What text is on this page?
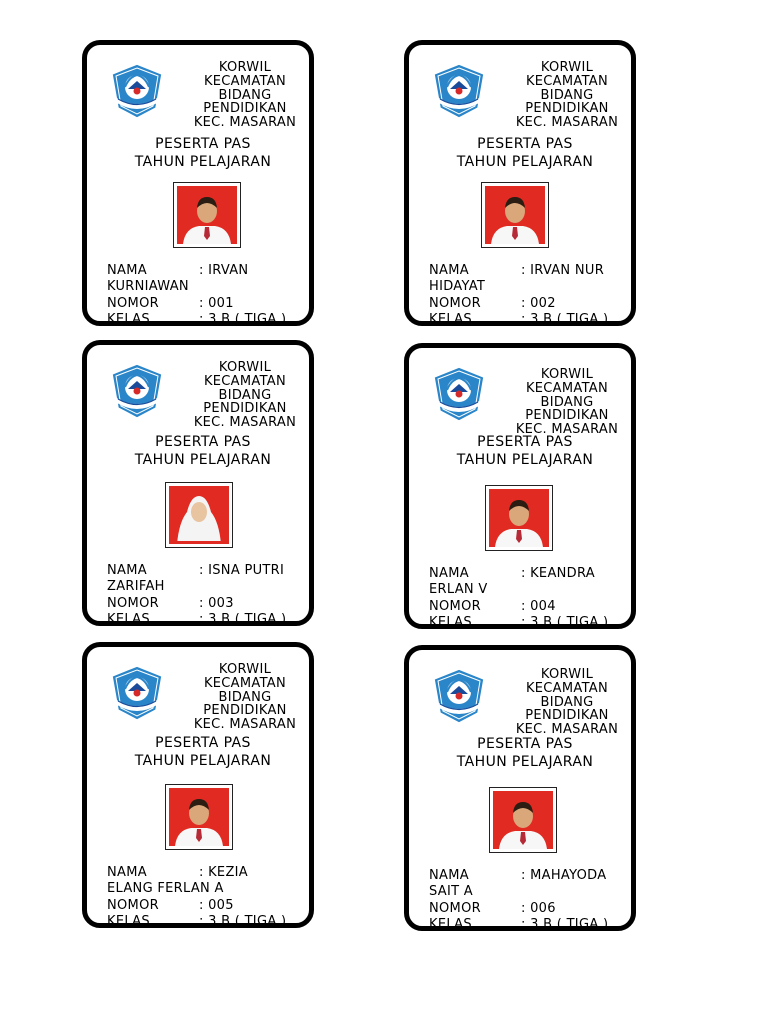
KORWIL
KECAMATAN
BIDANG
PENDIDIKAN
KEC. MASARAN
PESERTA PAS
TAHUN PELAJARAN
NAMA	: IRVAN
KURNIAWAN
NOMOR	: 001
KELAS	: 3 B ( TIGA )
KORWIL
KECAMATAN
BIDANG
PENDIDIKAN
KEC. MASARAN
PESERTA PAS
TAHUN PELAJARAN
NAMA	: IRVAN NUR
HIDAYAT
NOMOR	: 002
KELAS	: 3 B ( TIGA )
KORWIL
KECAMATAN
BIDANG
PENDIDIKAN
KEC. MASARAN
PESERTA PAS
TAHUN PELAJARAN
NAMA	: ISNA PUTRI
ZARIFAH
NOMOR	: 003
KELAS	: 3 B ( TIGA )
KORWIL
KECAMATAN
BIDANG
PENDIDIKAN
KEC. MASARAN
PESERTA PAS
TAHUN PELAJARAN
NAMA	: KEANDRA
ERLAN V
NOMOR	: 004
KELAS	: 3 B ( TIGA )
KORWIL
KECAMATAN
BIDANG
PENDIDIKAN
KEC. MASARAN
PESERTA PAS
TAHUN PELAJARAN
NAMA	: KEZIA
ELANG FERLAN A
NOMOR	: 005
KELAS	: 3 B ( TIGA )
KORWIL
KECAMATAN
BIDANG
PENDIDIKAN
KEC. MASARAN
PESERTA PAS
TAHUN PELAJARAN
NAMA	: MAHAYODA
SAIT A
NOMOR	: 006
KELAS	: 3 B ( TIGA )
